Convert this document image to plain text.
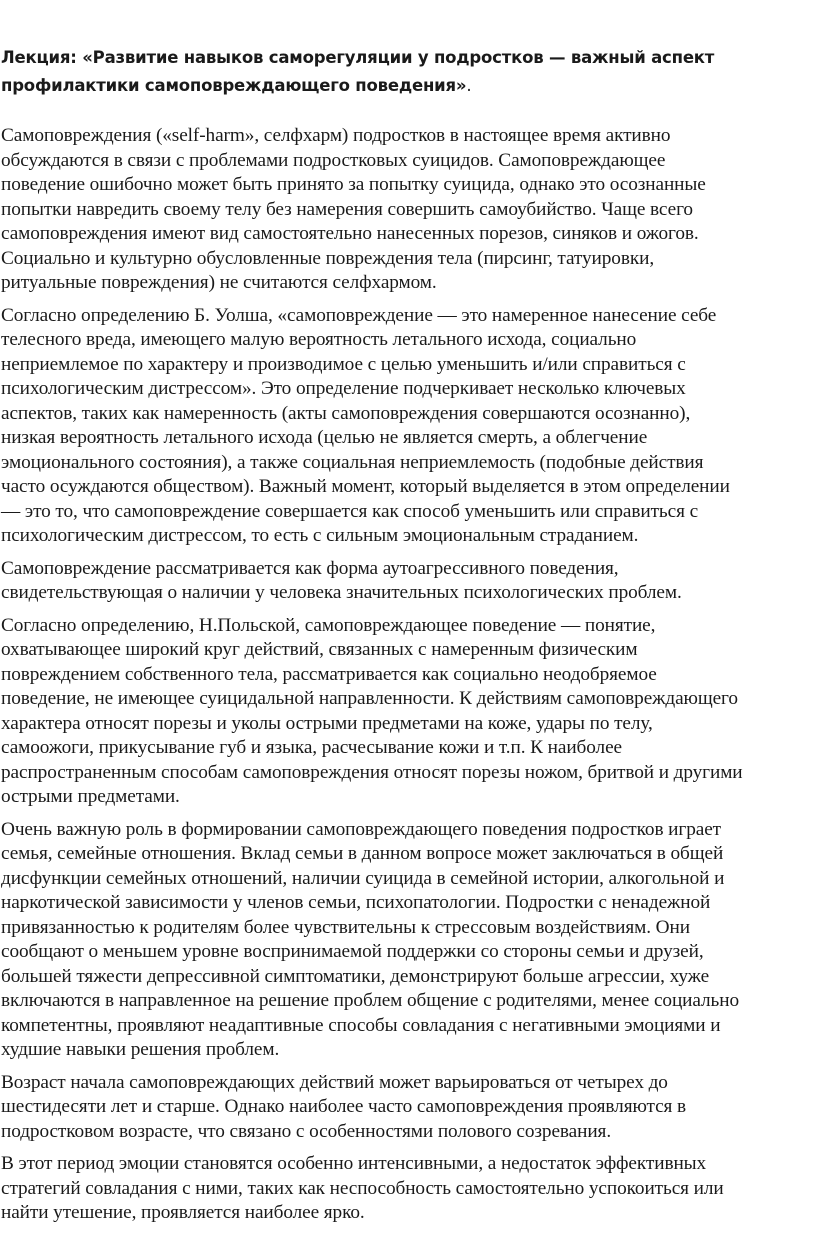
Лекция: «Развитие навыков саморегуляции у подростков — важный аспект
профилактики самоповреждающего поведения».
Самоповреждения («self-harm», селфхарм) подростков в настоящее время активно
обсуждаются в связи с проблемами подростковых суицидов. Самоповреждающее
поведение ошибочно может быть принято за попытку суицида, однако это осознанные
попытки навредить своему телу без намерения совершить самоубийство. Чаще всего
самоповреждения имеют вид самостоятельно нанесенных порезов, синяков и ожогов.
Социально и культурно обусловленные повреждения тела (пирсинг, татуировки,
ритуальные повреждения) не считаются селфхармом.
Согласно определению Б. Уолша, «самоповреждение — это намеренное нанесение себе
телесного вреда, имеющего малую вероятность летального исхода, социально
неприемлемое по характеру и производимое с целью уменьшить и/или справиться с
психологическим дистрессом». Это определение подчеркивает несколько ключевых
аспектов, таких как намеренность (акты самоповреждения совершаются осознанно),
низкая вероятность летального исхода (целью не является смерть, а облегчение
эмоционального состояния), а также социальная неприемлемость (подобные действия
часто осуждаются обществом). Важный момент, который выделяется в этом определении
— это то, что самоповреждение совершается как способ уменьшить или справиться с
психологическим дистрессом, то есть с сильным эмоциональным страданием.
Самоповреждение рассматривается как форма аутоагрессивного поведения,
свидетельствующая о наличии у человека значительных психологических проблем.
Согласно определению, Н.Польской, самоповреждающее поведение — понятие,
охватывающее широкий круг действий, связанных с намеренным физическим
повреждением собственного тела, рассматривается как социально неодобряемое
поведение, не имеющее суицидальной направленности. К действиям самоповреждающего
характера относят порезы и уколы острыми предметами на коже, удары по телу,
самоожоги, прикусывание губ и языка, расчесывание кожи и т.п. К наиболее
распространенным способам самоповреждения относят порезы ножом, бритвой и другими
острыми предметами.
Очень важную роль в формировании самоповреждающего поведения подростков играет
семья, семейные отношения. Вклад семьи в данном вопросе может заключаться в общей
дисфункции семейных отношений, наличии суицида в семейной истории, алкогольной и
наркотической зависимости у членов семьи, психопатологии. Подростки с ненадежной
привязанностью к родителям более чувствительны к стрессовым воздействиям. Они
сообщают о меньшем уровне воспринимаемой поддержки со стороны семьи и друзей,
большей тяжести депрессивной симптоматики, демонстрируют больше агрессии, хуже
включаются в направленное на решение проблем общение с родителями, менее социально
компетентны, проявляют неадаптивные способы совладания с негативными эмоциями и
худшие навыки решения проблем.
Возраст начала самоповреждающих действий может варьироваться от четырех до
шестидесяти лет и старше. Однако наиболее часто самоповреждения проявляются в
подростковом возрасте, что связано с особенностями полового созревания.
В этот период эмоции становятся особенно интенсивными, а недостаток эффективных
стратегий совладания с ними, таких как неспособность самостоятельно успокоиться или
найти утешение, проявляется наиболее ярко.
